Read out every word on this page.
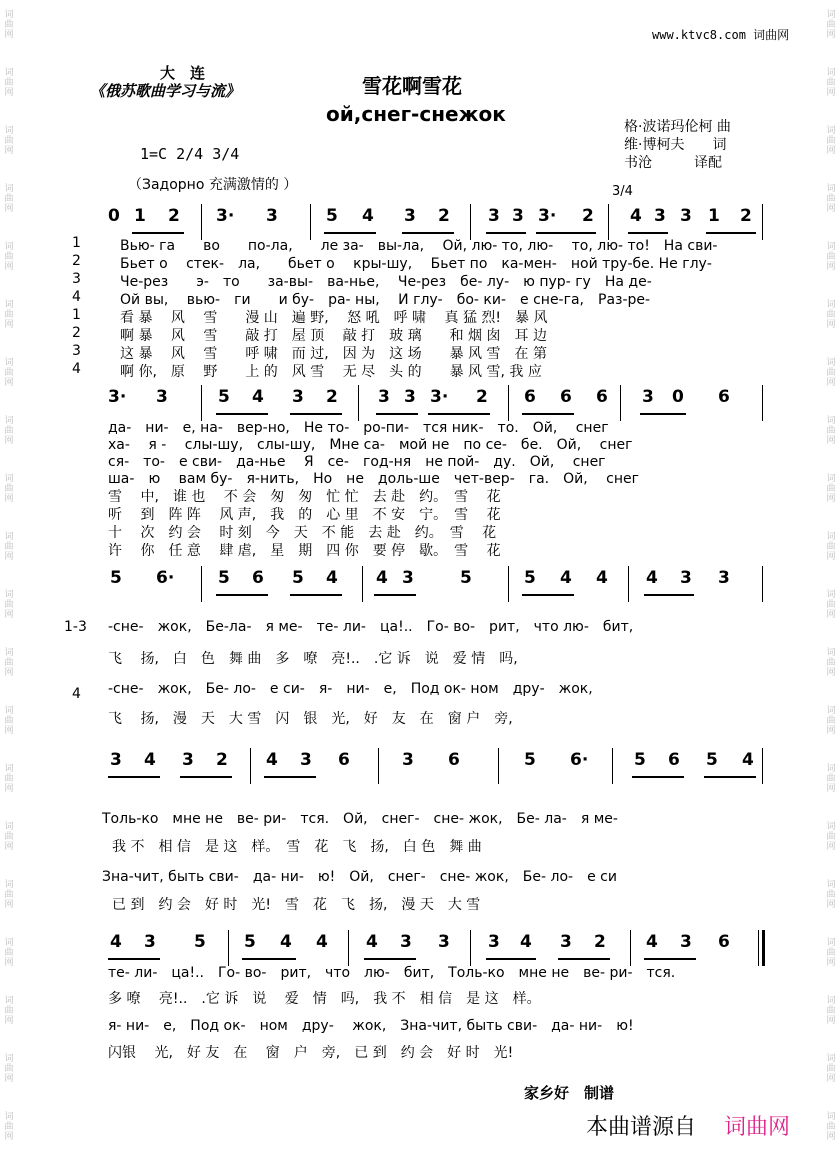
词曲网
词曲网
词曲网
词曲网
词曲网
词曲网
词曲网
词曲网
词曲网
词曲网
词曲网
词曲网
词曲网
词曲网
词曲网
词曲网
词曲网
词曲网
词曲网
词曲网
词曲网
词曲网
词曲网
词曲网
词曲网
词曲网
词曲网
词曲网
词曲网
词曲网
词曲网
词曲网
词曲网
词曲网
词曲网
词曲网
词曲网
词曲网
词曲网
词曲网
www.ktvc8.com 词曲网
大　连
《俄苏歌曲学习与流》	雪花啊雪花
ой,снег-снежок
格·波诺玛伦柯 曲
维·博柯夫　　词
书沧　　　译配
1=C 2/4 3/4
（Задорно 充满激情的 ）	3/4
0 1 2 3· 3	5 4 3 2 3 3 3· 2 4 3 3 1 2
1
2
3
4
1
2
3
4
Вью- га　　во　　по-ла,　　ле за-　вы-ла,　 Ой, лю- то, лю-　 то, лю- то!　На сви-
Бьет о　 стек-　ла,　　бьет о　 кры-шу,　 Бьет по　ка-мен-　ной тру-бе. Не глу-
Че-рез　　э-　то　　за-вы-　ва-нье,　 Че-рез　бе- лу-　ю пур- гу　На де-
Ой вы,　 вью-　ги　　и бу-　ра- ны,　 И глу-　бо- ки-　е сне-га,　Раз-ре-
看 暴　 风　 雪　　漫 山　遍 野,　 怒 吼　呼 啸　 真 猛 烈!　暴 风
啊 暴　 风　 雪　　敲 打　屋 顶　 敲 打　玻 璃　　和 烟 囱　耳 边
这 暴　 风　 雪　　呼 啸　而 过,　因 为　这 场　　暴 风 雪　在 第
啊 你,　原　 野　　上 的　风 雪　 无 尽　头 的　　暴 风 雪, 我 应
3· 3	5 4 3 2 3 3 3· 2 6 6 6 3 0 6
да-　ни-　е, на-　вер-но,　Не то-　ро-пи-　тся ник-　то.　Ой,　 снег
ха-　 я -　 слы-шу,　слы-шу,　Мне са-　мой не　по се-　бе.　Ой,　 снег
ся-　то-　е сви-　да-нье　 Я　се-　год-ня　не пой-　ду.　Ой,　 снег
ша-　ю　 вам бу-　я-нить,　Но　не　доль-ше　чет-вер-　га.　Ой,　 снег
雪　 中,　谁 也　 不 会　匆　匆　忙 忙　去 赴　约。　雪　 花
听　 到　阵 阵　 风 声,　我　的　心 里　不 安　宁。　雪　 花
十　 次　约 会　 时 刻　今　天　不 能　去 赴　约。　雪　 花
许　 你　任 意　 肆 虐,　星　期　四 你　要 停　歇。　雪　 花
5 6·	5 6 5 4 4 3	5	5 4 4 4 3 3
1-3
4
-сне-　жок,　Бе-ла-　я ме-　те- ли-　ца!..　Го- во-　рит,　что лю-　бит,
飞　 扬,　白　色　舞 曲　多　嘹　亮!..　.它 诉　说　爱 情　吗,
-сне-　жок,　Бе- ло-　е си-　я-　ни-　е,　Под ок- ном　дру-　жок,
飞　 扬,　漫　天　大 雪　闪　银　光,　好　友　在　窗 户　旁,
3 4 3 2 4 3 6	3 6	5 6·	5 6 5 4
Толь-ко　мне не　ве- ри-　тся.　Ой,　снег-　сне- жок,　Бе- ла-　я ме-
我 不　相 信　是 这　样。　雪　花　飞　扬,　白 色　舞 曲
Зна-чит, быть сви-　да- ни-　ю!　Ой,　снег-　сне- жок,　Бе- ло-　е си
已 到　约 会　好 时　光!　雪　花　飞　扬,　漫 天　大 雪
4 3 5 5 4 4 4 3 3 3 4 3 2 4 3 6
те- ли-　ца!..　Го- во-　рит,　что　лю-　бит,　Толь-ко　мне не　ве- ри-　тся.
多 嘹　 亮!..　.它 诉　说　 爱　情　吗,　我 不　相 信　是 这　样。
я- ни-　е,　Под ок-　ном　дру-　 жок,　Зна-чит, быть сви-　да- ни-　ю!
闪银　 光,　好 友　在　 窗　户　旁,　已 到　约 会　好 时　光!
家乡好　制谱
本曲谱源自 词曲网
